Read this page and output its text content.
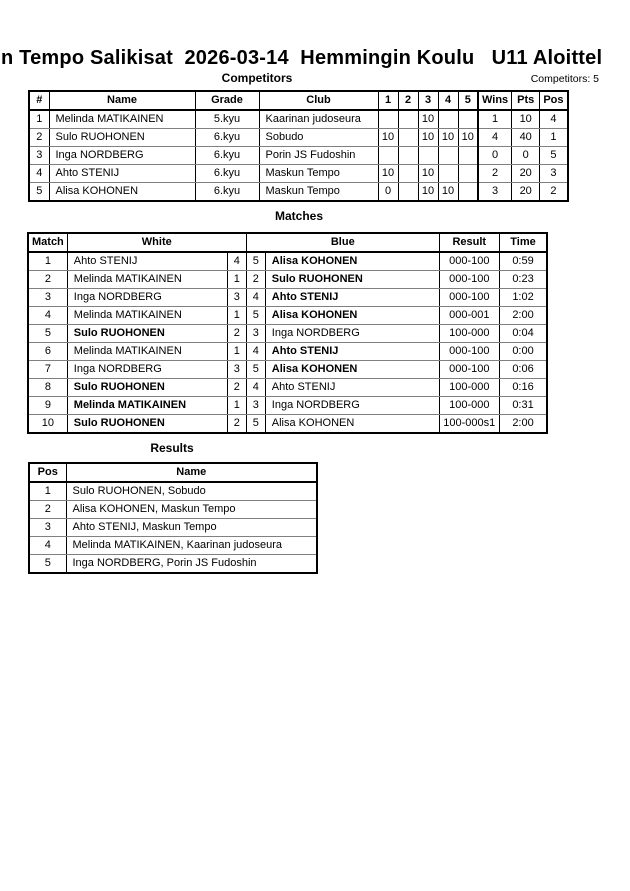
n Tempo Salikisat  2026-03-14  Hemmingin Koulu   U11 Aloittel
Competitors	Competitors: 5
#	Name	Grade	Club	1	2	3	4	5	Wins	Pts	Pos
1	Melinda MATIKAINEN	5.kyu	Kaarinan judoseura			10			1	10	4
2	Sulo RUOHONEN	6.kyu	Sobudo	10		10	10	10	4	40	1
3	Inga NORDBERG	6.kyu	Porin JS Fudoshin						0	0	5
4	Ahto STENIJ	6.kyu	Maskun Tempo	10		10			2	20	3
5	Alisa KOHONEN	6.kyu	Maskun Tempo	0		10	10		3	20	2
Matches
Match	White		Blue		Result	Time
1	Ahto STENIJ	4	5	Alisa KOHONEN	000-100	0:59
2	Melinda MATIKAINEN	1	2	Sulo RUOHONEN	000-100	0:23
3	Inga NORDBERG	3	4	Ahto STENIJ	000-100	1:02
4	Melinda MATIKAINEN	1	5	Alisa KOHONEN	000-001	2:00
5	Sulo RUOHONEN	2	3	Inga NORDBERG	100-000	0:04
6	Melinda MATIKAINEN	1	4	Ahto STENIJ	000-100	0:00
7	Inga NORDBERG	3	5	Alisa KOHONEN	000-100	0:06
8	Sulo RUOHONEN	2	4	Ahto STENIJ	100-000	0:16
9	Melinda MATIKAINEN	1	3	Inga NORDBERG	100-000	0:31
10	Sulo RUOHONEN	2	5	Alisa KOHONEN	100-000s1	2:00
Results
Pos	Name
1	Sulo RUOHONEN, Sobudo
2	Alisa KOHONEN, Maskun Tempo
3	Ahto STENIJ, Maskun Tempo
4	Melinda MATIKAINEN, Kaarinan judoseura
5	Inga NORDBERG, Porin JS Fudoshin
